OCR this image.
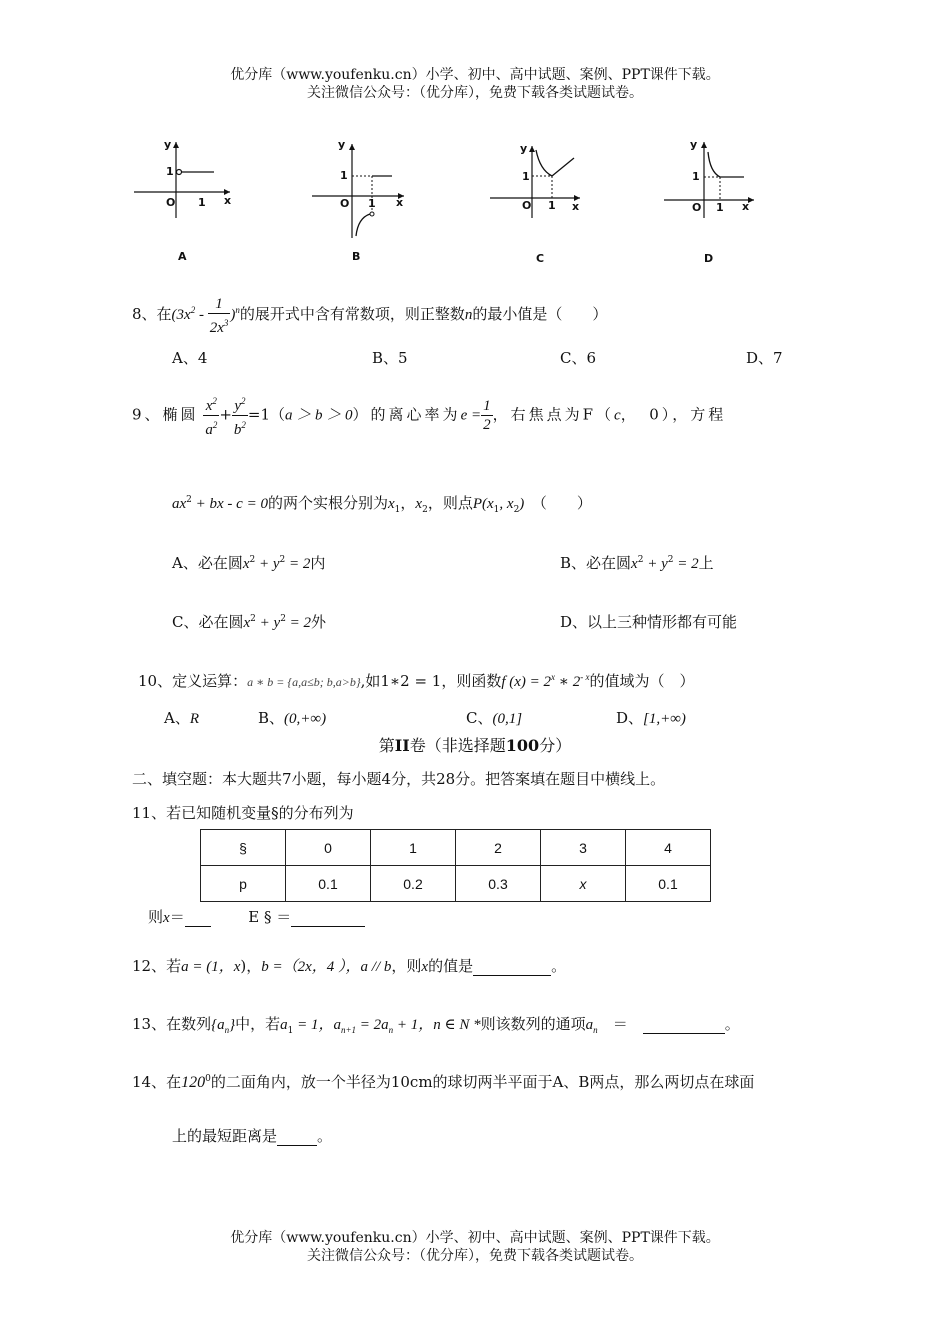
优分库（www.youfenku.cn）小学、初中、高中试题、案例、PPT课件下载。
关注微信公众号：（优分库），免费下载各类试题试卷。
y
1
O 1 x
A
y
1
O 1 x
B
y
1
O 1 x
C
y
1
O 1 x
D
8、在$(3x^2 - \frac{1}{2x^3} )^n$的展开式中含有常数项，则正整数n的最小值是（　　）
A、4	B、5	C、6	D、7
9、椭圆 $\frac{x^2}{a^2} + \frac{y^2}{b^2} =1(a > b > 0)$的离心率为$e = \frac{1}{2}$ ，右焦点为F（c，　0），方程
$ax^2$ + bx - c = 0的两个实根分别为$x_1$，$x_2$，则点$P(x_1$, $x_2$)　 （　　）
A、必在圆$x^2 + y^2 = 2$内	B、必在圆$x^2 + y^2 = 2$上
C、必在圆$x^2 + y^2 = 2$外	D、以上三种情形都有可能
10、定义运算：a ∗ b = {a,a≤b; b,a>b},如1∗2 = 1，则函数f $(x) = 2^x$ ∗ $2^{- x}$的值域为（　）
A、R	B、(0,+∞)	C、(0,1]	D、[1,+∞)
第II卷（非选择题100分）
二、填空题：本大题共7小题，每小题4分，共28分。把答案填在题目中横线上。
11、若已知随机变量§的分布列为
§	0	1	2	3	4
p	0.1	0.2	0.3	x	0.1
则x＝	E § ＝
12、若a = (1，x)，b =（2x，4 ），a // b，则x的值是	。
13、在数列$\{a_n\}$中，若$a_1 = 1$，$a_{n+1} = 2a_n + 1$，n ∈ N *则该数列的通项$a_n$　 ＝　	。
14、在$120^0$的二面角内，放一个半径为10cm的球切两半平面于A、B两点，那么两切点在球面
上的最短距离是	。
优分库（www.youfenku.cn）小学、初中、高中试题、案例、PPT课件下载。
关注微信公众号：（优分库），免费下载各类试题试卷。
